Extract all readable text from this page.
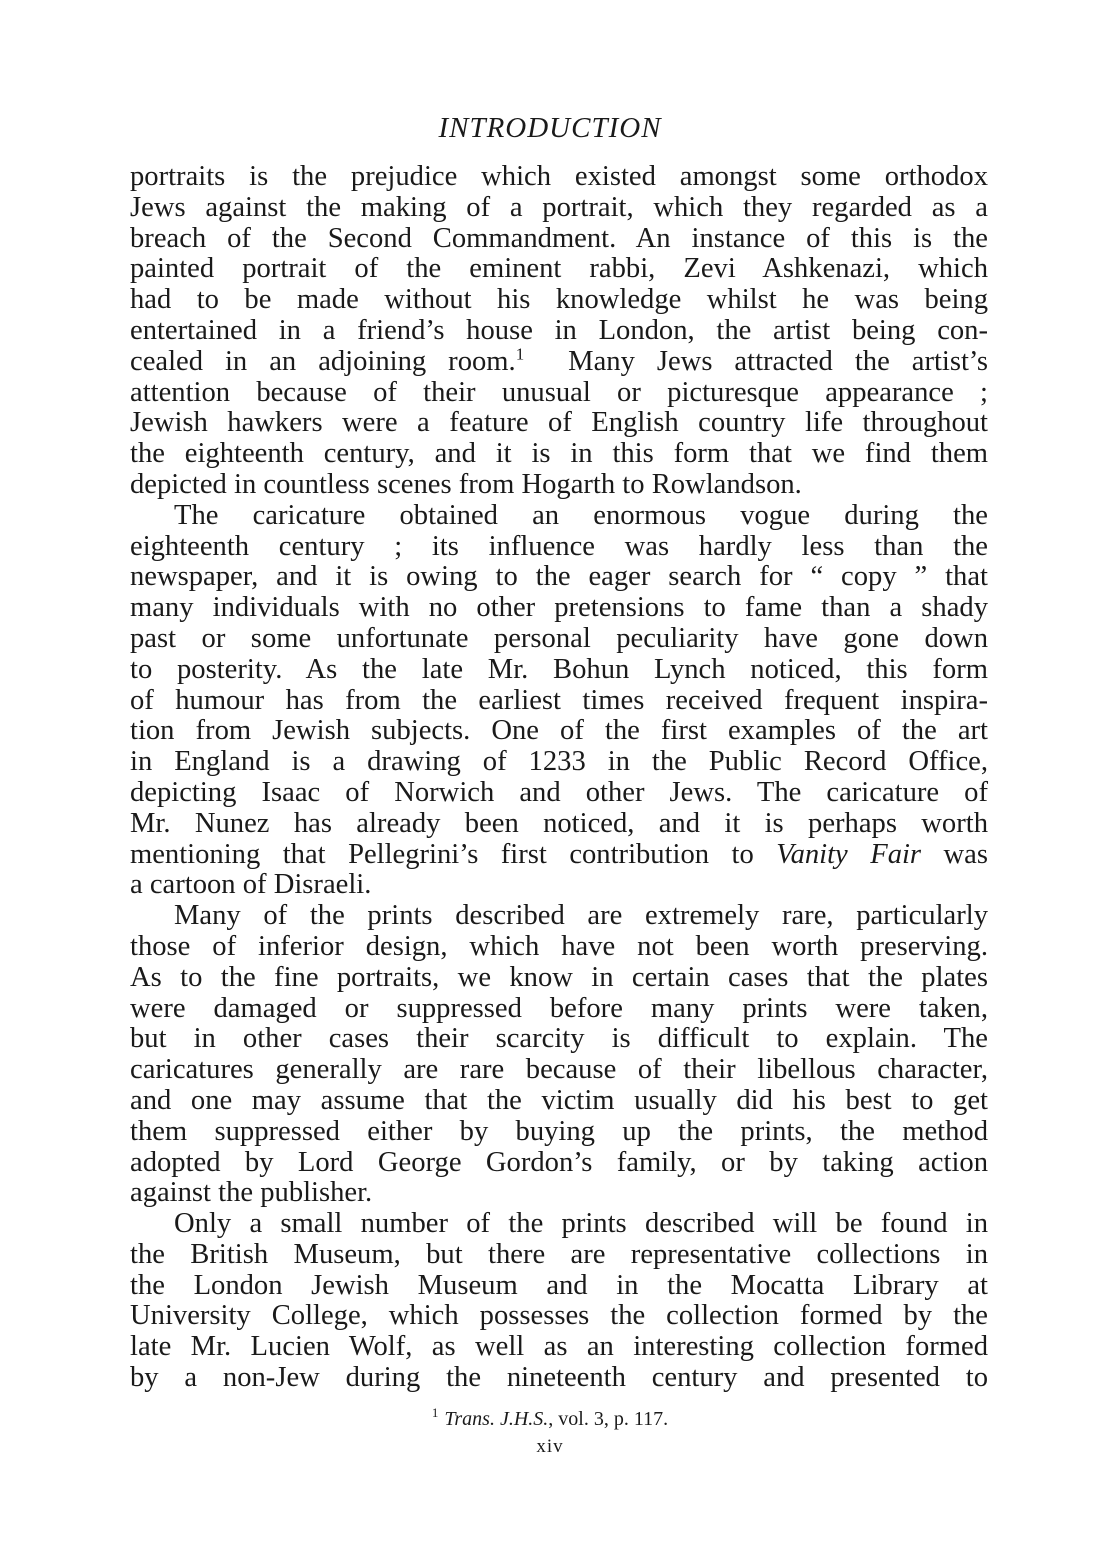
INTRODUCTION

portraits is the prejudice which existed amongst some orthodox

Jews against the making of a portrait, which they regarded as a

breach of the Second Commandment. An instance of this is the

painted portrait of the eminent rabbi, Zevi Ashkenazi, which

had to be made without his knowledge whilst he was being

entertained in a friend’s house in London, the artist being con-

cealed in an adjoining room.$^1$  Many Jews attracted the artist’s

attention because of their unusual or picturesque appearance ;

Jewish hawkers were a feature of English country life throughout

the eighteenth century, and it is in this form that we find them

depicted in countless scenes from Hogarth to Rowlandson.

The caricature obtained an enormous vogue during the

eighteenth century ; its influence was hardly less than the

newspaper, and it is owing to the eager search for “ copy ” that

many individuals with no other pretensions to fame than a shady

past or some unfortunate personal peculiarity have gone down

to posterity. As the late Mr. Bohun Lynch noticed, this form

of humour has from the earliest times received frequent inspira-

tion from Jewish subjects. One of the first examples of the art

in England is a drawing of 1233 in the Public Record Office,

depicting Isaac of Norwich and other Jews. The caricature of

Mr. Nunez has already been noticed, and it is perhaps worth

mentioning that Pellegrini’s first contribution to Vanity Fair was

a cartoon of Disraeli.

Many of the prints described are extremely rare, particularly

those of inferior design, which have not been worth preserving.

As to the fine portraits, we know in certain cases that the plates

were damaged or suppressed before many prints were taken,

but in other cases their scarcity is difficult to explain. The

caricatures generally are rare because of their libellous character,

and one may assume that the victim usually did his best to get

them suppressed either by buying up the prints, the method

adopted by Lord George Gordon’s family, or by taking action

against the publisher.

Only a small number of the prints described will be found in

the British Museum, but there are representative collections in

the London Jewish Museum and in the Mocatta Library at

University College, which possesses the collection formed by the

late Mr. Lucien Wolf, as well as an interesting collection formed

by a non-Jew during the nineteenth century and presented to

$^1$ Trans. J.H.S., vol. 3, p. 117.
xiv
